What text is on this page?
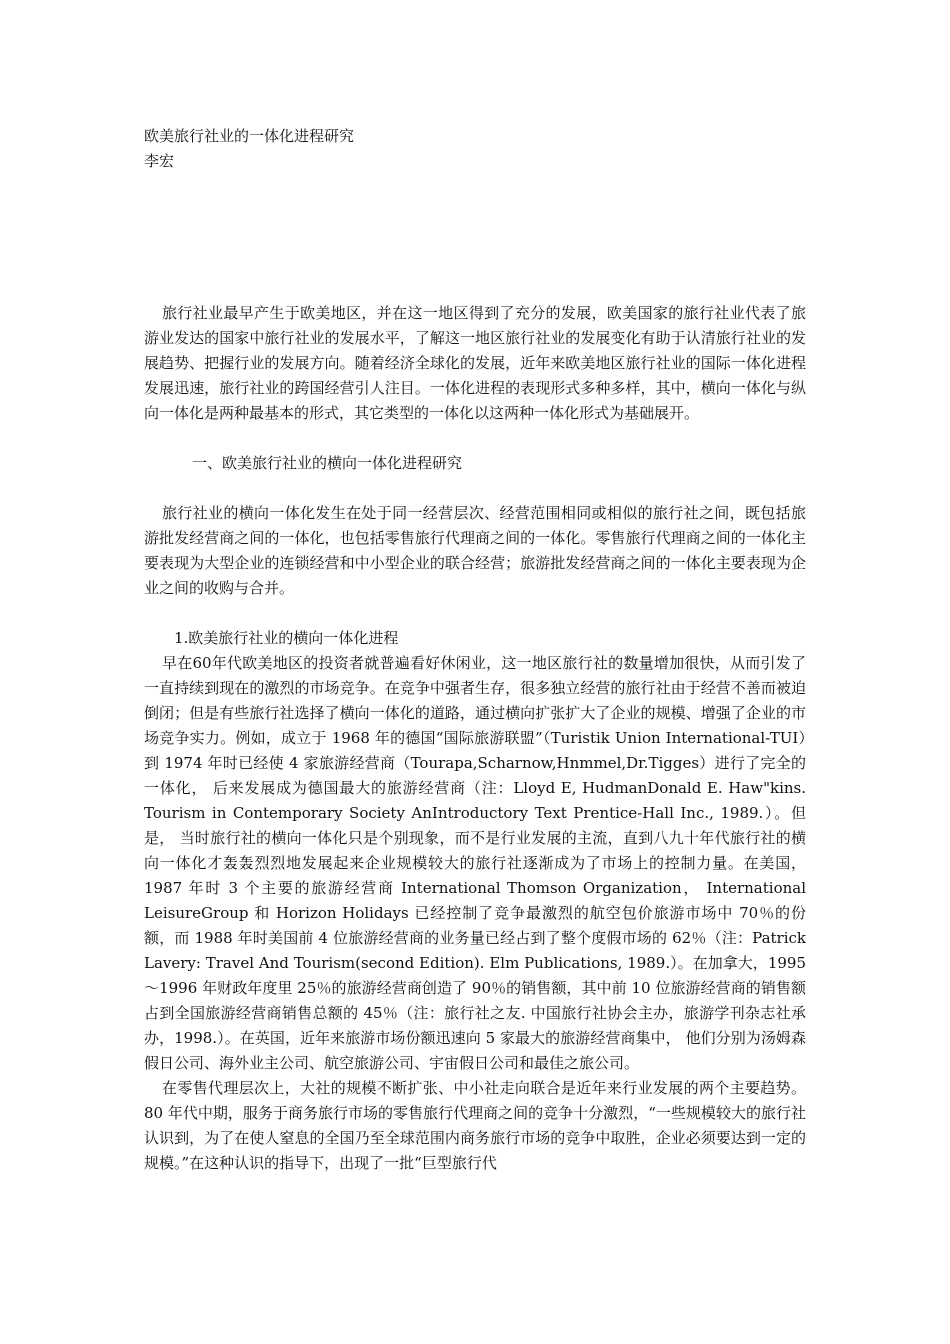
欧美旅行社业的一体化进程研究
李宏

旅行社业最早产生于欧美地区，并在这一地区得到了充分的发展，欧美国家的旅行社业代表了旅游业发达的国家中旅行社业的发展水平，了解这一地区旅行社业的发展变化有助于认清旅行社业的发展趋势、把握行业的发展方向。随着经济全球化的发展，近年来欧美地区旅行社业的国际一体化进程发展迅速，旅行社业的跨国经营引人注目。一体化进程的表现形式多种多样，其中，横向一体化与纵向一体化是两种最基本的形式，其它类型的一体化以这两种一体化形式为基础展开。

一、欧美旅行社业的横向一体化进程研究

旅行社业的横向一体化发生在处于同一经营层次、经营范围相同或相似的旅行社之间，既包括旅游批发经营商之间的一体化，也包括零售旅行代理商之间的一体化。零售旅行代理商之间的一体化主要表现为大型企业的连锁经营和中小型企业的联合经营；旅游批发经营商之间的一体化主要表现为企业之间的收购与合并。

1.欧美旅行社业的横向一体化进程

早在60年代欧美地区的投资者就普遍看好休闲业，这一地区旅行社的数量增加很快，从而引发了一直持续到现在的激烈的市场竞争。在竞争中强者生存，很多独立经营的旅行社由于经营不善而被迫倒闭；但是有些旅行社选择了横向一体化的道路，通过横向扩张扩大了企业的规模、增强了企业的市场竞争实力。例如，成立于 1968 年的德国“国际旅游联盟”（Turistik Union International-TUI）到 1974 年时已经使 4 家旅游经营商（Tourapa,Scharnow,Hnmmel,Dr.Tigges）进行了完全的一体化， 后来发展成为德国最大的旅游经营商（注：Lloyd E, HudmanDonald E. Haw"kins. Tourism in Contemporary Society AnIntroductory Text Prentice-Hall Inc., 1989.）。但是， 当时旅行社的横向一体化只是个别现象，而不是行业发展的主流，直到八九十年代旅行社的横向一体化才轰轰烈烈地发展起来企业规模较大的旅行社逐渐成为了市场上的控制力量。在美国，1987 年时 3 个主要的旅游经营商 International Thomson Organization， International LeisureGroup 和 Horizon Holidays 已经控制了竞争最激烈的航空包价旅游市场中 70％的份额，而 1988 年时美国前 4 位旅游经营商的业务量已经占到了整个度假市场的 62％（注：Patrick Lavery: Travel And Tourism(second Edition). Elm Publications, 1989.）。在加拿大，1995 ～1996 年财政年度里 25％的旅游经营商创造了 90％的销售额，其中前 10 位旅游经营商的销售额占到全国旅游经营商销售总额的 45％（注：旅行社之友. 中国旅行社协会主办，旅游学刊杂志社承办，1998.）。在英国，近年来旅游市场份额迅速向 5 家最大的旅游经营商集中， 他们分别为汤姆森假日公司、海外业主公司、航空旅游公司、宇宙假日公司和最佳之旅公司。

在零售代理层次上，大社的规模不断扩张、中小社走向联合是近年来行业发展的两个主要趋势。80 年代中期，服务于商务旅行市场的零售旅行代理商之间的竞争十分激烈，“一些规模较大的旅行社认识到，为了在使人窒息的全国乃至全球范围内商务旅行市场的竞争中取胜，企业必须要达到一定的规模。”在这种认识的指导下，出现了一批“巨型旅行代
